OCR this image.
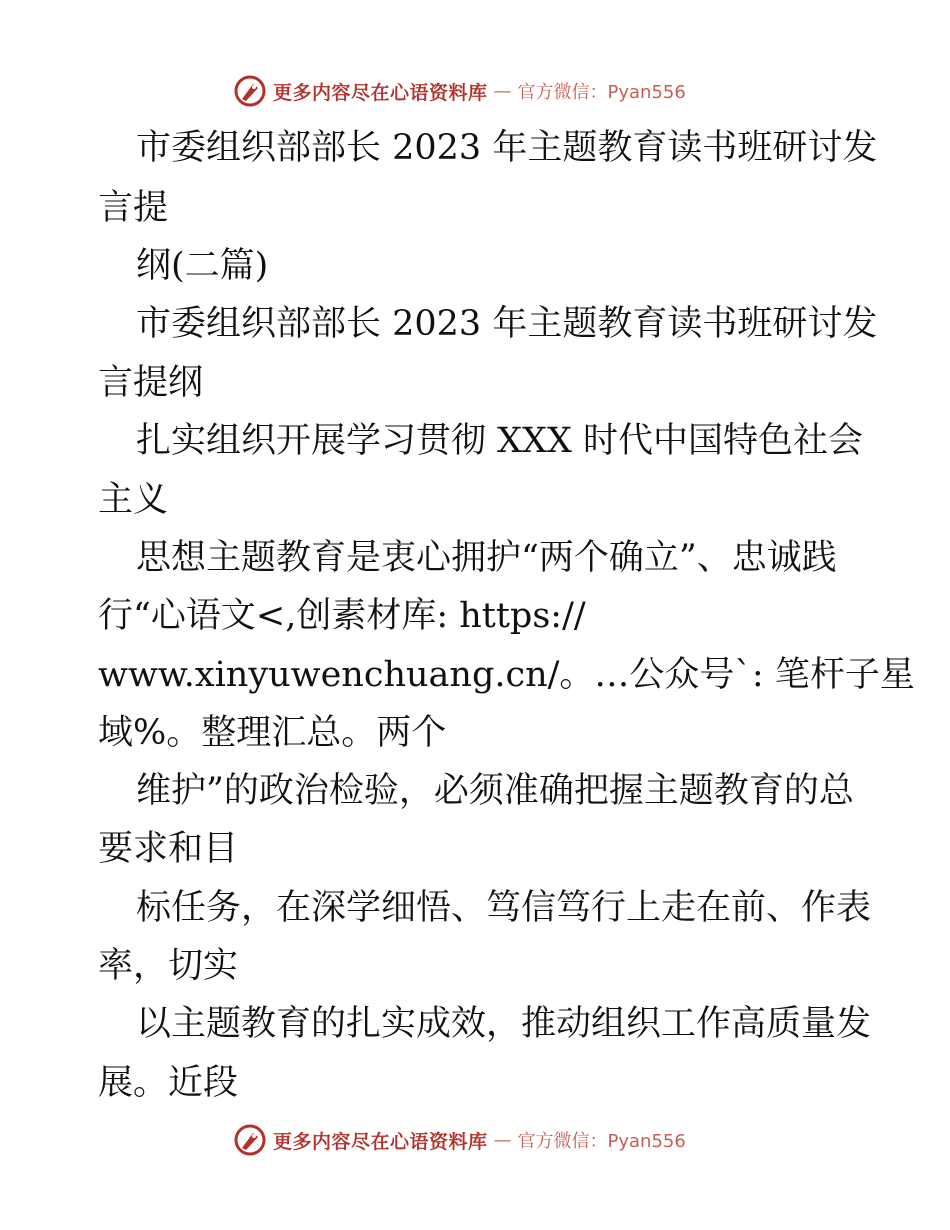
更多内容尽在心语资料库 — 官方微信：Pyan556
市委组织部部长 2023 年主题教育读书班研讨发
言提
纲(二篇)
市委组织部部长 2023 年主题教育读书班研讨发
言提纲
扎实组织开展学习贯彻 XXX 时代中国特色社会
主义
思想主题教育是衷心拥护“两个确立”、忠诚践
行“心语文<,创素材库: https://
www.xinyuwenchuang.cn/。…公众号`: 笔杆子星
域%。整理汇总。两个
维护”的政治检验，必须准确把握主题教育的总
要求和目
标任务，在深学细悟、笃信笃行上走在前、作表
率，切实
以主题教育的扎实成效，推动组织工作高质量发
展。近段
更多内容尽在心语资料库 — 官方微信：Pyan556
